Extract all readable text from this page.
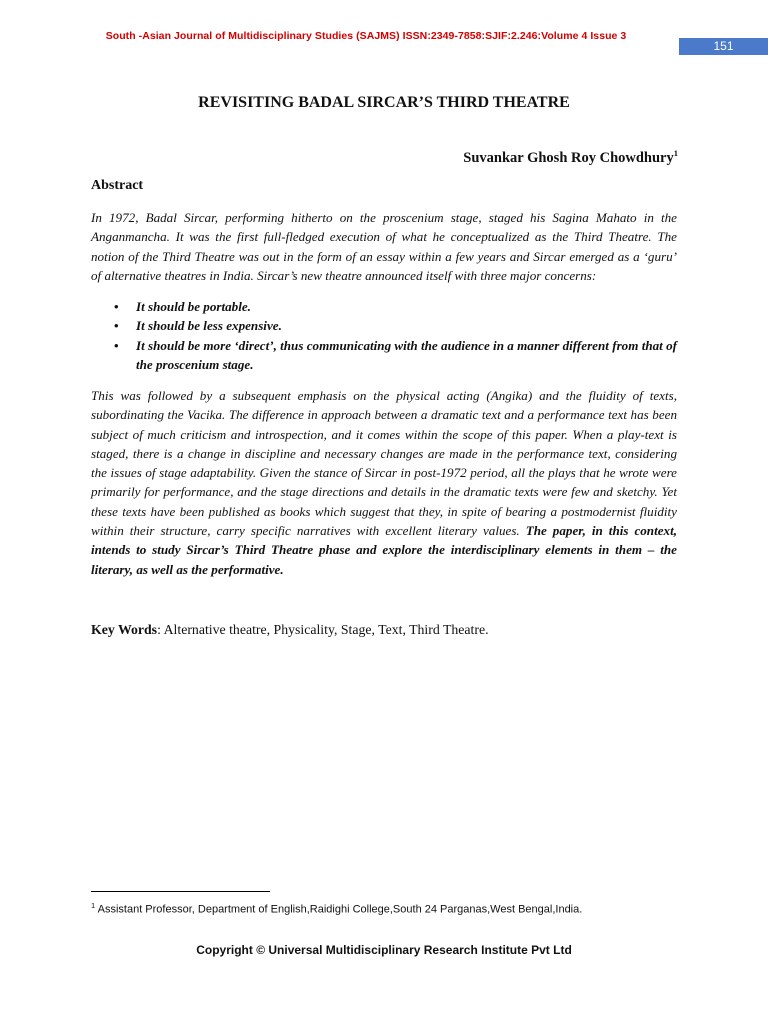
South -Asian Journal of Multidisciplinary Studies (SAJMS) ISSN:2349-7858:SJIF:2.246:Volume 4 Issue 3
151
REVISITING BADAL SIRCAR’S THIRD THEATRE
Suvankar Ghosh Roy Chowdhury$^1$
Abstract

In 1972, Badal Sircar, performing hitherto on the proscenium stage, staged his Sagina Mahato in the Anganmancha. It was the first full-fledged execution of what he conceptualized as the Third Theatre. The notion of the Third Theatre was out in the form of an essay within a few years and Sircar emerged as a ‘guru’ of alternative theatres in India. Sircar’s new theatre announced itself with three major concerns:

• It should be portable.
• It should be less expensive.
• It should be more ‘direct’, thus communicating with the audience in a manner different from that of the proscenium stage.

This was followed by a subsequent emphasis on the physical acting (Angika) and the fluidity of texts, subordinating the Vacika. The difference in approach between a dramatic text and a performance text has been subject of much criticism and introspection, and it comes within the scope of this paper. When a play-text is staged, there is a change in discipline and necessary changes are made in the performance text, considering the issues of stage adaptability. Given the stance of Sircar in post-1972 period, all the plays that he wrote were primarily for performance, and the stage directions and details in the dramatic texts were few and sketchy. Yet these texts have been published as books which suggest that they, in spite of bearing a postmodernist fluidity within their structure, carry specific narratives with excellent literary values. The paper, in this context, intends to study Sircar’s Third Theatre phase and explore the interdisciplinary elements in them – the literary, as well as the performative.

Key Words: Alternative theatre, Physicality, Stage, Text, Third Theatre.

$^1$ Assistant Professor, Department of English,Raidighi College,South 24 Parganas,West Bengal,India.

Copyright © Universal Multidisciplinary Research Institute Pvt Ltd
